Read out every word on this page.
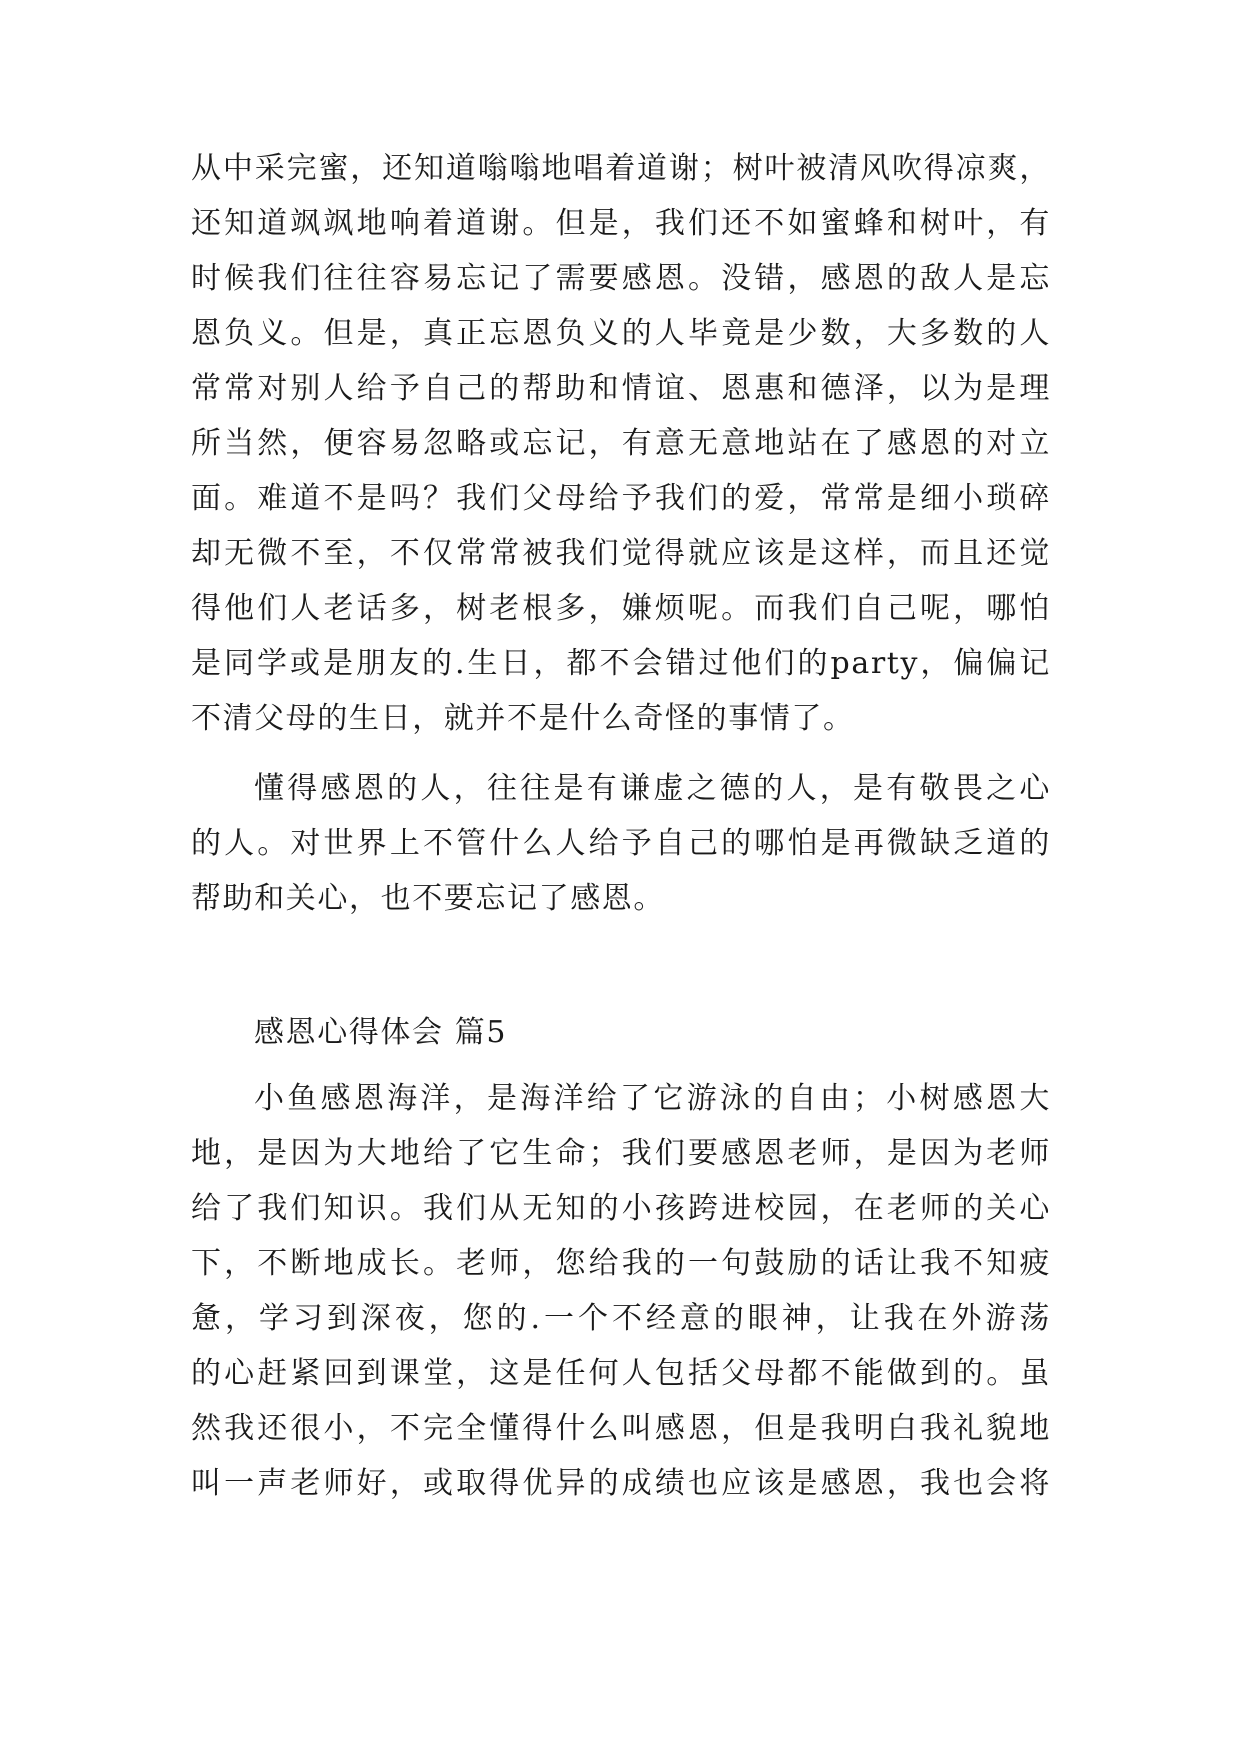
从中采完蜜，还知道嗡嗡地唱着道谢；树叶被清风吹得凉爽，
还知道飒飒地响着道谢。但是，我们还不如蜜蜂和树叶，有
时候我们往往容易忘记了需要感恩。没错，感恩的敌人是忘
恩负义。但是，真正忘恩负义的人毕竟是少数，大多数的人
常常对别人给予自己的帮助和情谊、恩惠和德泽，以为是理
所当然，便容易忽略或忘记，有意无意地站在了感恩的对立
面。难道不是吗？我们父母给予我们的爱，常常是细小琐碎
却无微不至，不仅常常被我们觉得就应该是这样，而且还觉
得他们人老话多，树老根多，嫌烦呢。而我们自己呢，哪怕
是同学或是朋友的.生日，都不会错过他们的party，偏偏记
不清父母的生日，就并不是什么奇怪的事情了。
懂得感恩的人，往往是有谦虚之德的人，是有敬畏之心
的人。对世界上不管什么人给予自己的哪怕是再微缺乏道的
帮助和关心，也不要忘记了感恩。
感恩心得体会 篇5
小鱼感恩海洋，是海洋给了它游泳的自由；小树感恩大
地，是因为大地给了它生命；我们要感恩老师，是因为老师
给了我们知识。我们从无知的小孩跨进校园，在老师的关心
下，不断地成长。老师，您给我的一句鼓励的话让我不知疲
惫，学习到深夜，您的.一个不经意的眼神，让我在外游荡
的心赶紧回到课堂，这是任何人包括父母都不能做到的。虽
然我还很小，不完全懂得什么叫感恩，但是我明白我礼貌地
叫一声老师好，或取得优异的成绩也应该是感恩，我也会将
